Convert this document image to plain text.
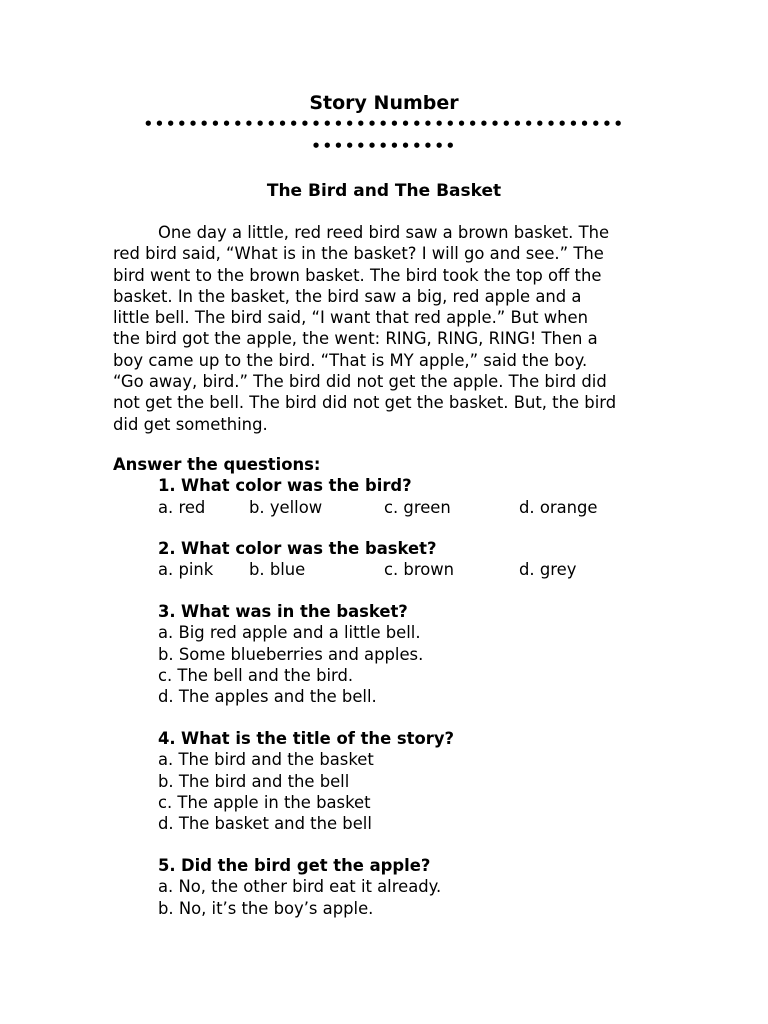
Story Number
•••••••••••••••••••••••••••••••••••••••••••
•••••••••••••
The Bird and The Basket
One day a little, red reed bird saw a brown basket. The
red bird said, “What is in the basket? I will go and see.” The
bird went to the brown basket. The bird took the top off the
basket. In the basket, the bird saw a big, red apple and a
little bell. The bird said, “I want that red apple.” But when
the bird got the apple, the went: RING, RING, RING! Then a
boy came up to the bird. “That is MY apple,” said the boy.
“Go away, bird.” The bird did not get the apple. The bird did
not get the bell. The bird did not get the basket. But, the bird
did get something.
Answer the questions:
1. What color was the bird?
a. red	b. yellow	c. green	d. orange
2. What color was the basket?
a. pink b. blue	c. brown	d. grey
3. What was in the basket?
a. Big red apple and a little bell.
b. Some blueberries and apples.
c. The bell and the bird.
d. The apples and the bell.
4. What is the title of the story?
a. The bird and the basket
b. The bird and the bell
c. The apple in the basket
d. The basket and the bell
5. Did the bird get the apple?
a. No, the other bird eat it already.
b. No, it’s the boy’s apple.
